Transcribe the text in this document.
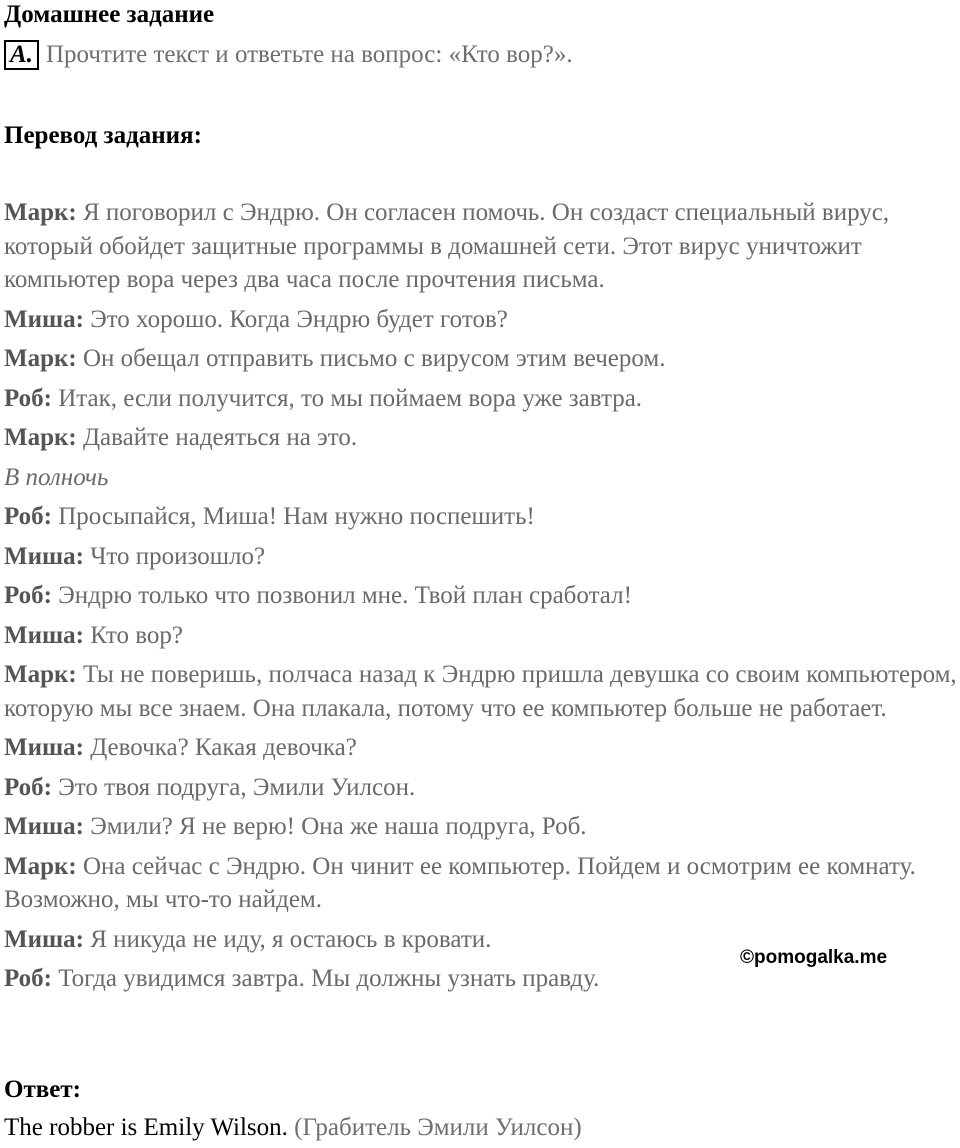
Домашнее задание
A. Прочтите текст и ответьте на вопрос: «Кто вор?».
Перевод задания:

Марк: Я поговорил с Эндрю. Он согласен помочь. Он создаст специальный вирус, который обойдет защитные программы в домашней сети. Этот вирус уничтожит компьютер вора через два часа после прочтения письма.

Миша: Это хорошо. Когда Эндрю будет готов?

Марк: Он обещал отправить письмо с вирусом этим вечером.

Роб: Итак, если получится, то мы поймаем вора уже завтра.

Марк: Давайте надеяться на это.

В полночь

Роб: Просыпайся, Миша! Нам нужно поспешить!

Миша: Что произошло?

Роб: Эндрю только что позвонил мне. Твой план сработал!

Миша: Кто вор?

Марк: Ты не поверишь, полчаса назад к Эндрю пришла девушка со своим компьютером, которую мы все знаем. Она плакала, потому что ее компьютер больше не работает.

Миша: Девочка? Какая девочка?

Роб: Это твоя подруга, Эмили Уилсон.

Миша: Эмили? Я не верю! Она же наша подруга, Роб.

Марк: Она сейчас с Эндрю. Он чинит ее компьютер. Пойдем и осмотрим ее комнату. Возможно, мы что-то найдем.

Миша: Я никуда не иду, я остаюсь в кровати.

Роб: Тогда увидимся завтра. Мы должны узнать правду.

Ответ:
The robber is Emily Wilson. (Грабитель Эмили Уилсон)
©pomogalka.me
